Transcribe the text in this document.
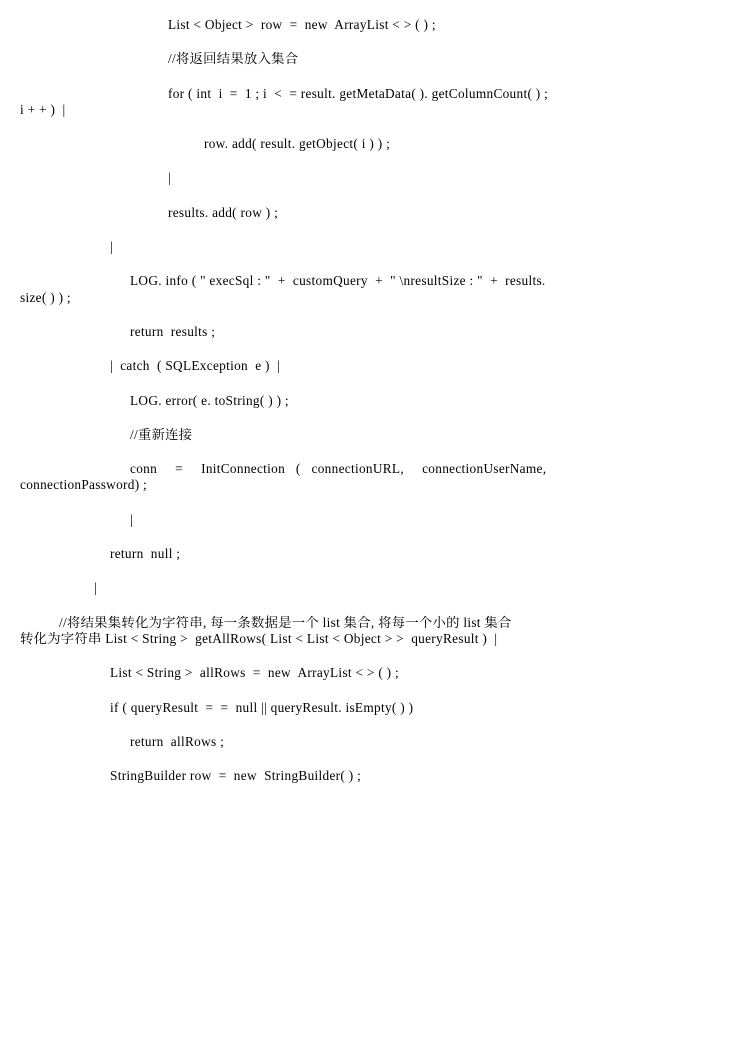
List < Object >  row  =  new  ArrayList < > ( ) ;
//将返回结果放入集合
for ( int  i  =  1 ; i  <  = result. getMetaData( ). getColumnCount( ) ;
i + + )  |
row. add( result. getObject( i ) ) ;
|
results. add( row ) ;
|
LOG. info ( " execSql : "  +  customQuery  +  " \nresultSize : "  +  results.
size( ) ) ;
return  results ;
|  catch  ( SQLException  e )  |
LOG. error( e. toString( ) ) ;
//重新连接
conn     =     InitConnection   (   connectionURL,     connectionUserName,
connectionPassword) ;
|
return  null ;
|
//将结果集转化为字符串, 每一条数据是一个 list 集合, 将每一个小的 list 集合
转化为字符串 List < String >  getAllRows( List < List < Object > >  queryResult )  |
List < String >  allRows  =  new  ArrayList < > ( ) ;
if ( queryResult  =  =  null || queryResult. isEmpty( ) )
return  allRows ;
StringBuilder row  =  new  StringBuilder( ) ;
